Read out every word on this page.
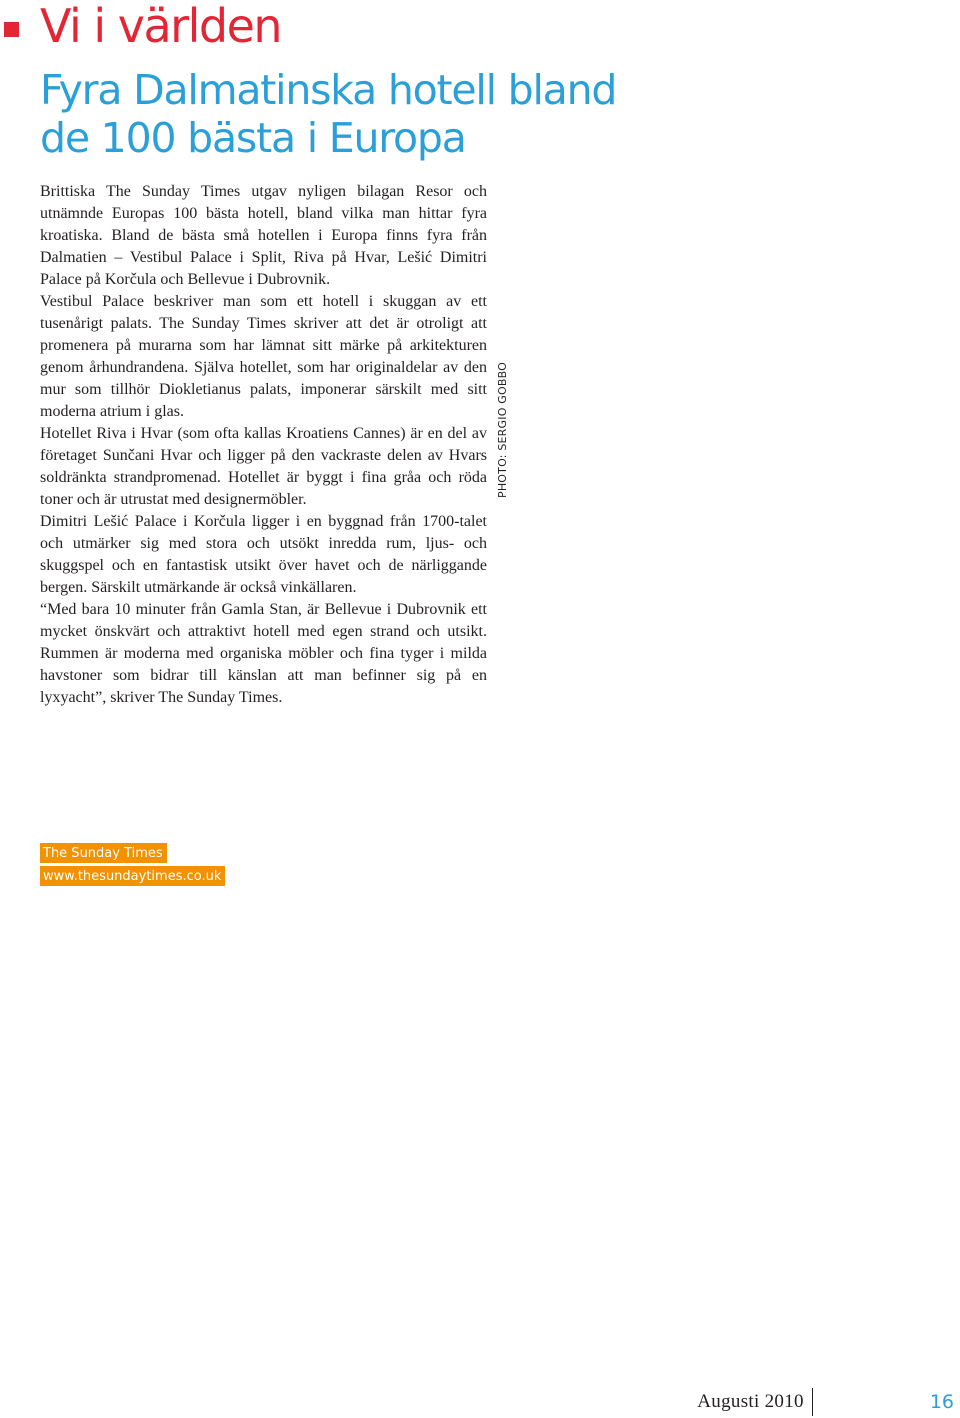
Vi i världen
Fyra Dalmatinska hotell bland
de 100 bästa i Europa

Brittiska The Sunday Times utgav nyligen bilagan Resor och utnämnde Europas 100 bästa hotell, bland vilka man hittar fyra kroatiska. Bland de bästa små hotellen i Europa finns fyra från Dalmatien – Vestibul Palace i Split, Riva på Hvar, Lešić Dimitri Palace på Korčula och Bellevue i Dubrovnik.

Vestibul Palace beskriver man som ett hotell i skuggan av ett tusenårigt palats. The Sunday Times skriver att det är otroligt att promenera på murarna som har lämnat sitt märke på arkitekturen genom århundrandena. Själva hotellet, som har originaldelar av den mur som tillhör Diokletianus palats, imponerar särskilt med sitt moderna atrium i glas.

Hotellet Riva i Hvar (som ofta kallas Kroatiens Cannes) är en del av företaget Sunčani Hvar och ligger på den vackraste delen av Hvars soldränkta strandpromenad. Hotellet är byggt i fina gråa och röda toner och är utrustat med designermöbler.

Dimitri Lešić Palace i Korčula ligger i en byggnad från 1700-talet och utmärker sig med stora och utsökt inredda rum, ljus- och skuggspel och en fantastisk utsikt över havet och de närliggande bergen. Särskilt utmärkande är också vinkällaren.

“Med bara 10 minuter från Gamla Stan, är Bellevue i Dubrovnik ett mycket önskvärt och attraktivt hotell med egen strand och utsikt. Rummen är moderna med organiska möbler och fina tyger i milda havstoner som bidrar till känslan att man befinner sig på en lyxyacht”, skriver The Sunday Times.

PHOTO: SERGIO GOBBO
The Sunday Times
www.thesundaytimes.co.uk
Augusti 2010	16
